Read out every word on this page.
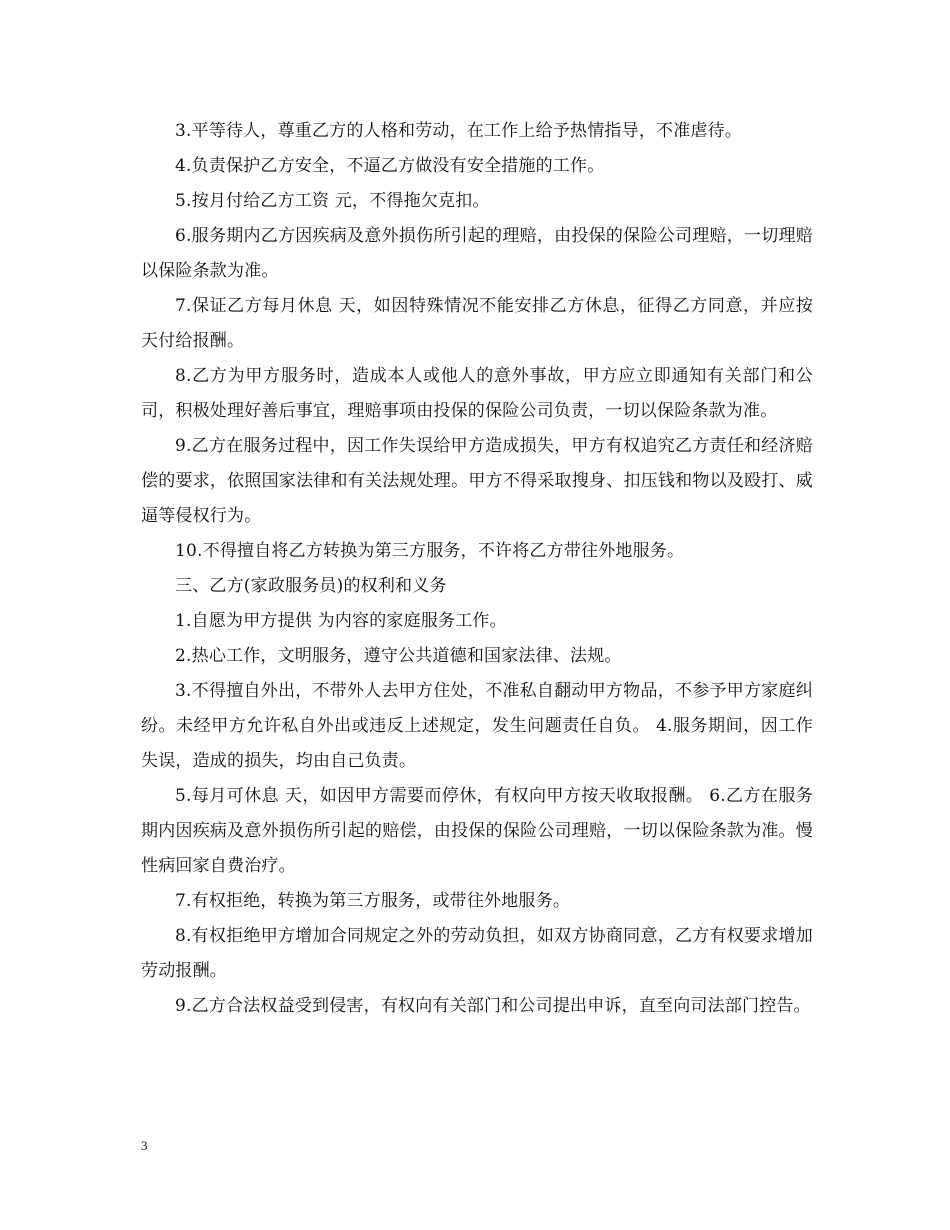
3.平等待人，尊重乙方的人格和劳动，在工作上给予热情指导，不准虐待。

4.负责保护乙方安全，不逼乙方做没有安全措施的工作。

5.按月付给乙方工资 元，不得拖欠克扣。

6.服务期内乙方因疾病及意外损伤所引起的理赔，由投保的保险公司理赔，一切理赔以保险条款为准。

7.保证乙方每月休息 天，如因特殊情况不能安排乙方休息，征得乙方同意，并应按天付给报酬。

8.乙方为甲方服务时，造成本人或他人的意外事故，甲方应立即通知有关部门和公司，积极处理好善后事宜，理赔事项由投保的保险公司负责，一切以保险条款为准。

9.乙方在服务过程中，因工作失误给甲方造成损失，甲方有权追究乙方责任和经济赔偿的要求，依照国家法律和有关法规处理。甲方不得采取搜身、扣压钱和物以及殴打、威逼等侵权行为。

10.不得擅自将乙方转换为第三方服务，不许将乙方带往外地服务。

三、乙方(家政服务员)的权利和义务

1.自愿为甲方提供 为内容的家庭服务工作。

2.热心工作，文明服务，遵守公共道德和国家法律、法规。

3.不得擅自外出，不带外人去甲方住处，不准私自翻动甲方物品，不参予甲方家庭纠纷。未经甲方允许私自外出或违反上述规定，发生问题责任自负。 4.服务期间，因工作失误，造成的损失，均由自己负责。

5.每月可休息 天，如因甲方需要而停休，有权向甲方按天收取报酬。 6.乙方在服务期内因疾病及意外损伤所引起的赔偿，由投保的保险公司理赔，一切以保险条款为准。慢性病回家自费治疗。

7.有权拒绝，转换为第三方服务，或带往外地服务。

8.有权拒绝甲方增加合同规定之外的劳动负担，如双方协商同意，乙方有权要求增加劳动报酬。

9.乙方合法权益受到侵害，有权向有关部门和公司提出申诉，直至向司法部门控告。

3
